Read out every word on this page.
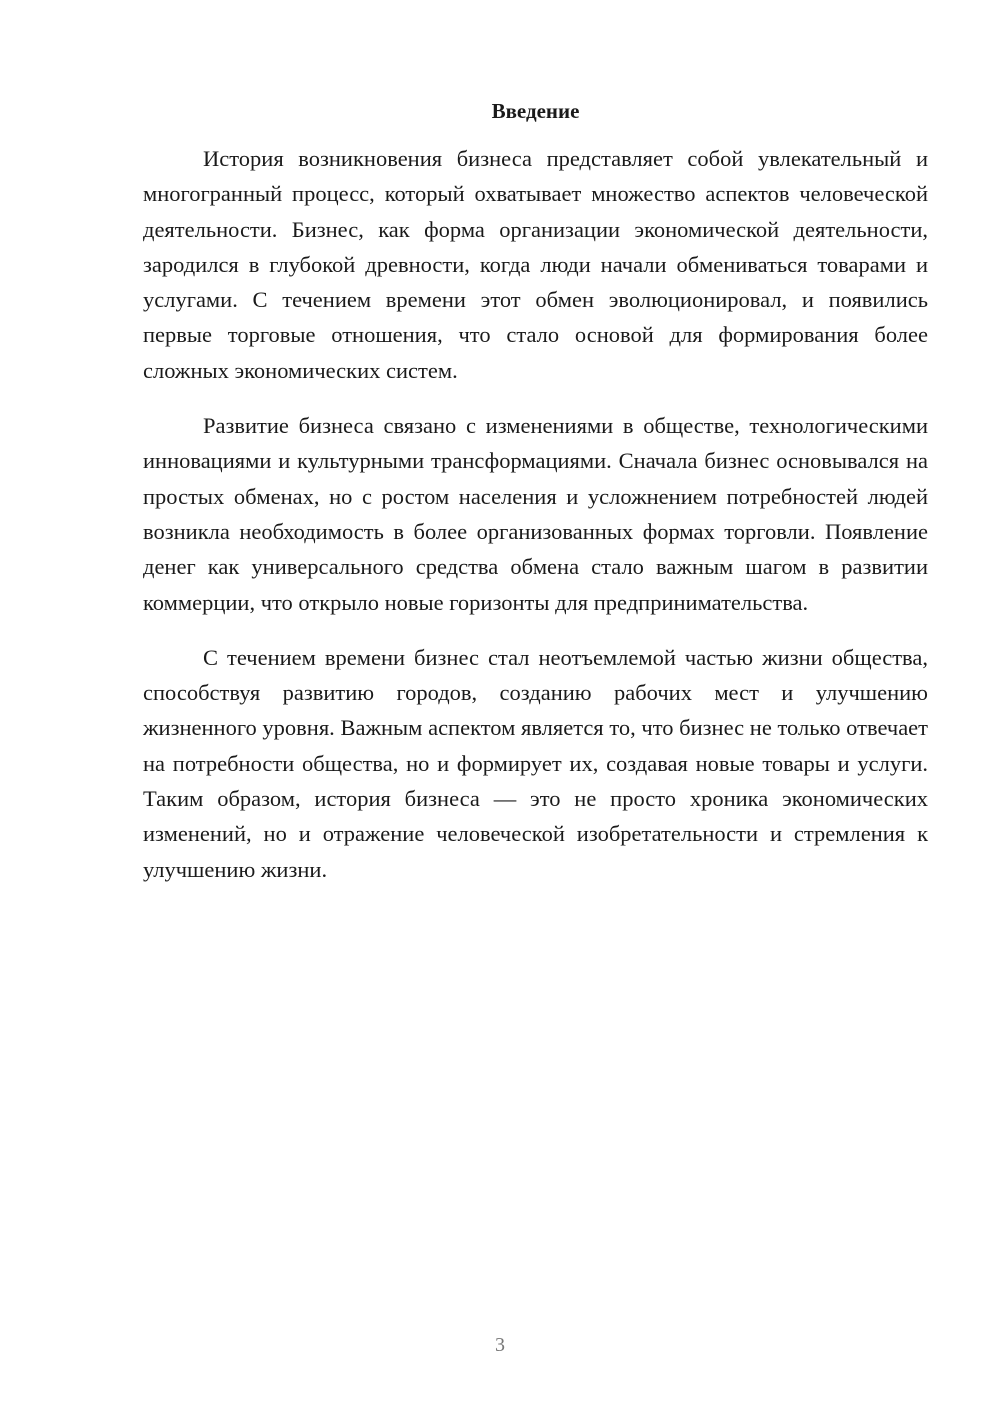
Введение

История возникновения бизнеса представляет собой увлекательный и многогранный процесс, который охватывает множество аспектов человеческой деятельности. Бизнес, как форма организации экономической деятельности, зародился в глубокой древности, когда люди начали обмениваться товарами и услугами. С течением времени этот обмен эволюционировал, и появились первые торговые отношения, что стало основой для формирования более сложных экономических систем.

Развитие бизнеса связано с изменениями в обществе, технологическими инновациями и культурными трансформациями. Сначала бизнес основывался на простых обменах, но с ростом населения и усложнением потребностей людей возникла необходимость в более организованных формах торговли. Появление денег как универсального средства обмена стало важным шагом в развитии коммерции, что открыло новые горизонты для предпринимательства.

С течением времени бизнес стал неотъемлемой частью жизни общества, способствуя развитию городов, созданию рабочих мест и улучшению жизненного уровня. Важным аспектом является то, что бизнес не только отвечает на потребности общества, но и формирует их, создавая новые товары и услуги. Таким образом, история бизнеса — это не просто хроника экономических изменений, но и отражение человеческой изобретательности и стремления к улучшению жизни.

3
